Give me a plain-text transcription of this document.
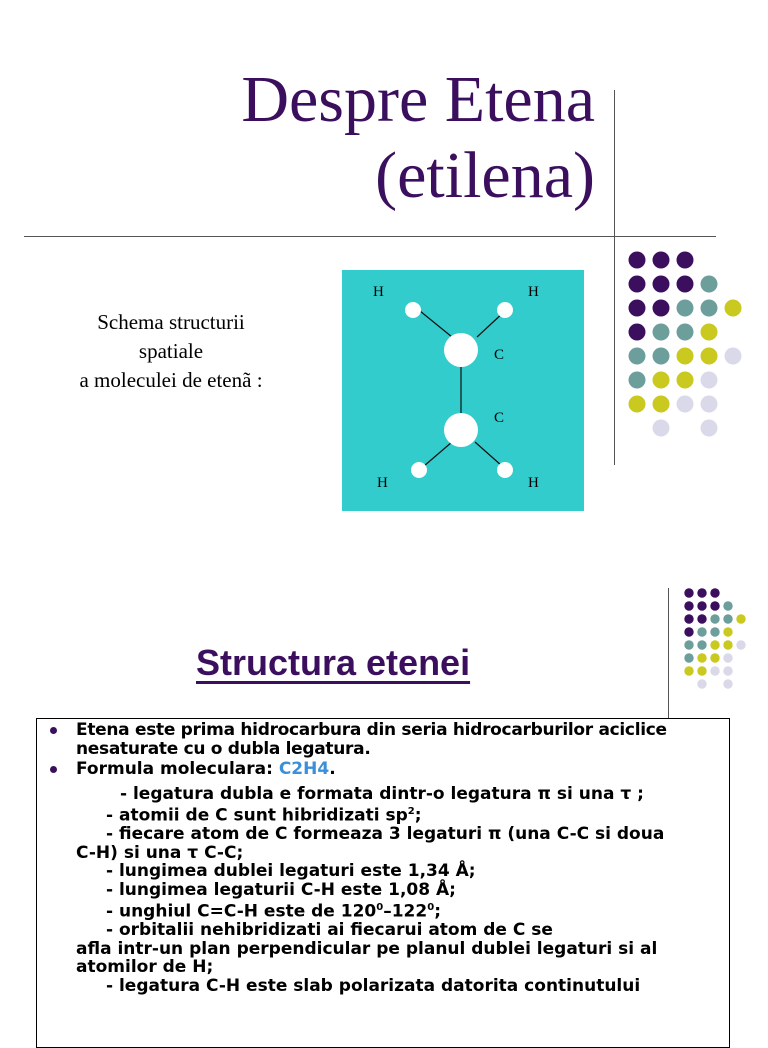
Despre Etena
(etilena)
Schema structurii
spatiale
a moleculei de etenã :
H	H
C
C
H	H
Structura etenei
Etena este prima hidrocarbura din seria hidrocarburilor aciclice nesaturate cu o dubla legatura.
Formula moleculara: C2H4.
- legatura dubla e formata dintr-o legatura π si una τ ;
- atomii de C sunt hibridizati $sp^2$;
- fiecare atom de C formeaza 3 legaturi π (una C-C si doua
C-H) si una τ C-C;
- lungimea dublei legaturi este 1,34 Å;
- lungimea legaturii C-H este 1,08 Å;
- unghiul C=C-H este de $120^0-122^0$;
- orbitalii nehibridizati ai fiecarui atom de C se
afla intr-un plan perpendicular pe planul dublei legaturi si al
atomilor de H;
- legatura C-H este slab polarizata datorita continutului
